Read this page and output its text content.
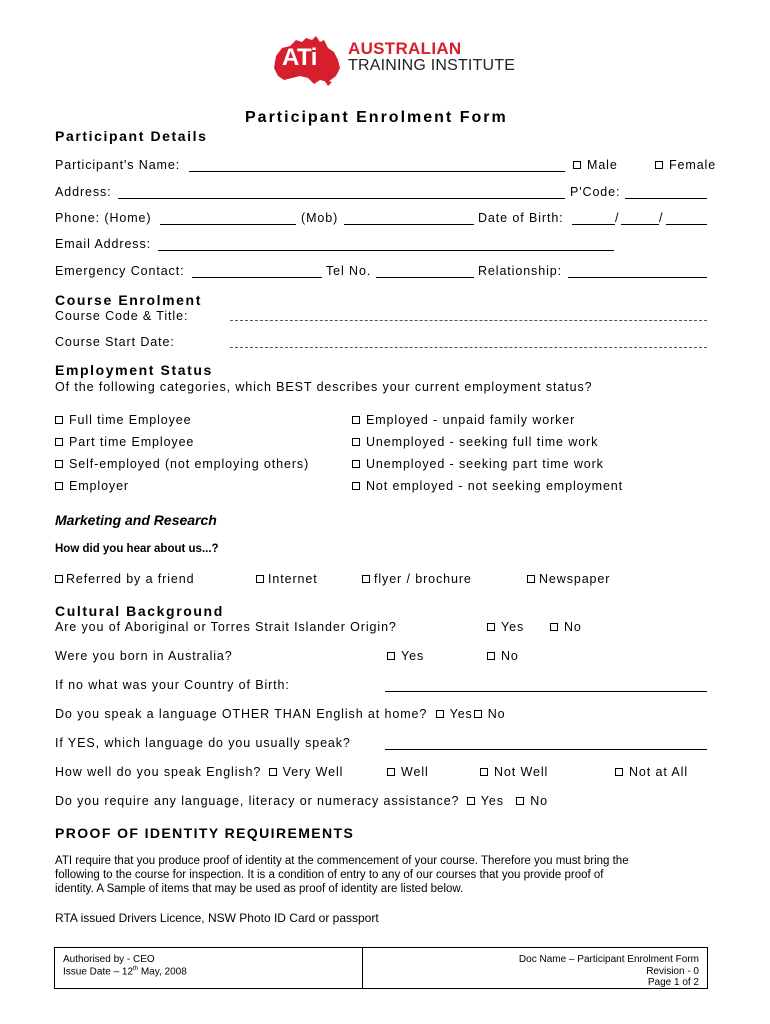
ATi AUSTRALIAN
TRAINING INSTITUTE
Participant Enrolment Form
Participant Details
Participant's Name:	Male	Female
Address:	P'Code:
Phone: (Home)	(Mob)	Date of Birth:	/	/
Email Address:
Emergency Contact:	Tel No.	Relationship:
Course Enrolment
Course Code & Title:
Course Start Date:
Employment Status
Of the following categories, which BEST describes your current employment status?
Full time Employee
Part time Employee
Self-employed (not employing others)
Employer
Employed - unpaid family worker
Unemployed - seeking full time work
Unemployed - seeking part time work
Not employed - not seeking employment
Marketing and Research
How did you hear about us...?
Referred by a friend	Internet	flyer / brochure	Newspaper
Cultural Background
Are you of Aboriginal or Torres Strait Islander Origin?	Yes	No
Were you born in Australia?	Yes	No
If no what was your Country of Birth:
Do you speak a language OTHER THAN English at home? Yes No
If YES, which language do you usually speak?
How well do you speak English? Very Well	Well	Not Well	Not at All
Do you require any language, literacy or numeracy assistance? Yes No
PROOF OF IDENTITY REQUIREMENTS
ATI require that you produce proof of identity at the commencement of your course. Therefore you must bring the
following to the course for inspection. It is a condition of entry to any of our courses that you provide proof of
identity. A Sample of items that may be used as proof of identity are listed below.
RTA issued Drivers Licence, NSW Photo ID Card or passport
Authorised by - CEO
Issue Date – 12th May, 2008
Doc Name – Participant Enrolment Form
Revision - 0
Page 1 of 2
